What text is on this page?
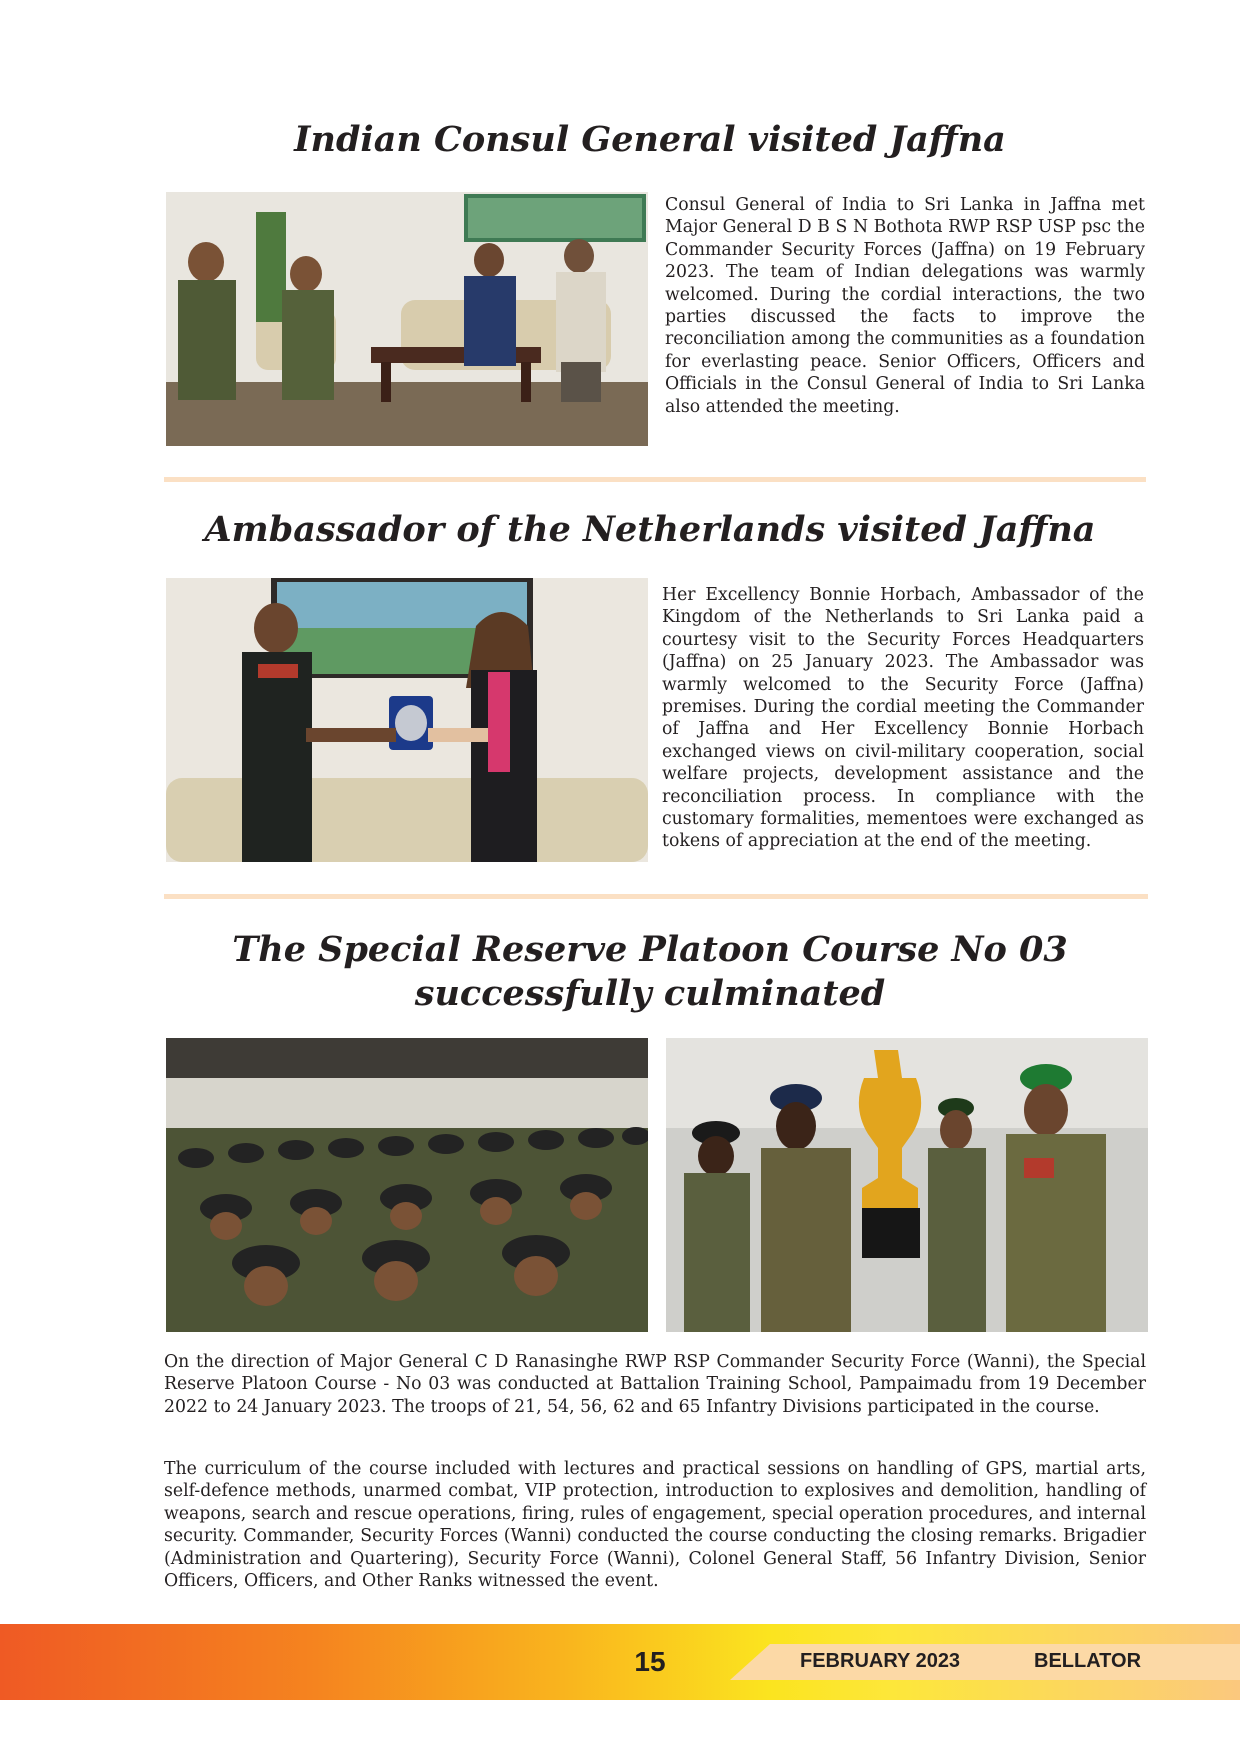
Indian Consul General visited Jaffna

Consul General of India to Sri Lanka in Jaffna met Major General D B S N Bothota RWP RSP USP psc the Commander Security Forces (Jaffna) on 19 February 2023. The team of Indian delegations was warmly welcomed. During the cordial interactions, the two parties discussed the facts to improve the reconciliation among the communities as a foundation for everlasting peace. Senior Officers, Officers and Officials in the Consul General of India to Sri Lanka also attended the meeting.

Ambassador of the Netherlands visited Jaffna

Her Excellency Bonnie Horbach, Ambassador of the Kingdom of the Netherlands to Sri Lanka paid a courtesy visit to the Security Forces Headquarters (Jaffna) on 25 January 2023. The Ambassador was warmly welcomed to the Security Force (Jaffna) premises. During the cordial meeting the Commander of Jaffna and Her Excellency Bonnie Horbach exchanged views on civil-military cooperation, social welfare projects, development assistance and the reconciliation process. In compliance with the customary formalities, mementoes were exchanged as tokens of appreciation at the end of the meeting.

The Special Reserve Platoon Course No 03
successfully culminated

On the direction of Major General C D Ranasinghe RWP RSP Commander Security Force (Wanni), the Special Reserve Platoon Course - No 03 was conducted at Battalion Training School, Pampaimadu from 19 December 2022 to 24 January 2023. The troops of 21, 54, 56, 62 and 65 Infantry Divisions participated in the course.

The curriculum of the course included with lectures and practical sessions on handling of GPS, martial arts, self-defence methods, unarmed combat, VIP protection, introduction to explosives and demolition, handling of weapons, search and rescue operations, firing, rules of engagement, special operation procedures, and internal security. Commander, Security Forces (Wanni) conducted the course conducting the closing remarks. Brigadier (Administration and Quartering), Security Force (Wanni), Colonel General Staff, 56 Infantry Division, Senior Officers, Officers, and Other Ranks witnessed the event.

15	FEBRUARY 2023	BELLATOR
